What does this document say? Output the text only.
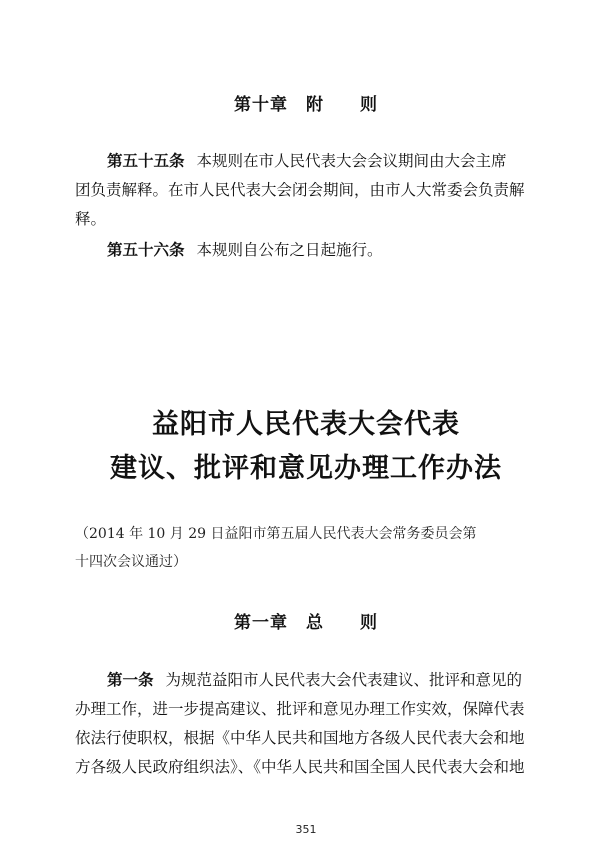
第十章　附　　则
第五十五条 本规则在市人民代表大会会议期间由大会主席
团负责解释。在市人民代表大会闭会期间，由市人大常委会负责解
释。
第五十六条 本规则自公布之日起施行。
益阳市人民代表大会代表
建议、批评和意见办理工作办法
（2014 年 10 月 29 日益阳市第五届人民代表大会常务委员会第
十四次会议通过）
第一章　总　　则
第一条 为规范益阳市人民代表大会代表建议、批评和意见的
办理工作，进一步提高建议、批评和意见办理工作实效，保障代表
依法行使职权，根据《中华人民共和国地方各级人民代表大会和地
方各级人民政府组织法》、《中华人民共和国全国人民代表大会和地
351
